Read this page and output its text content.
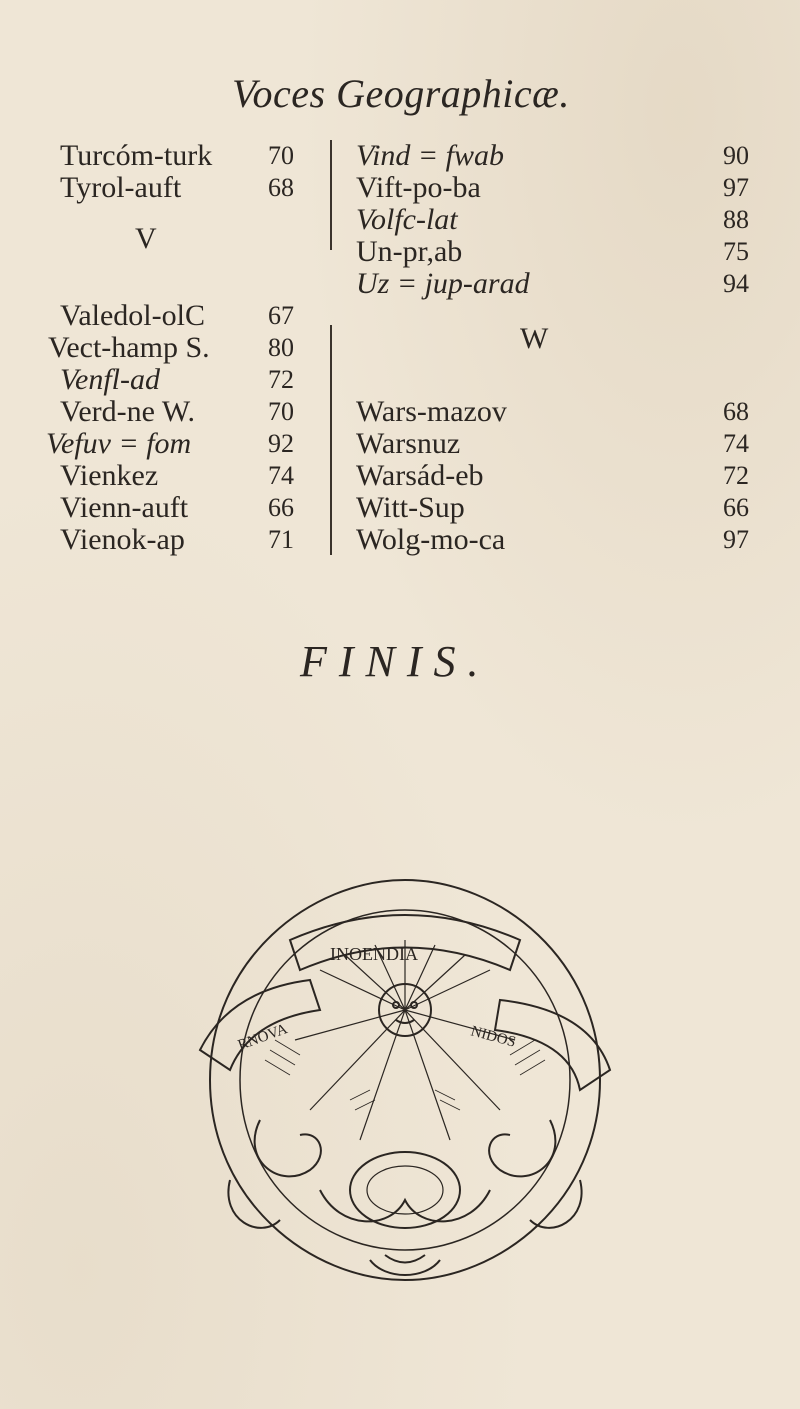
Voces Geographicæ.
Turcóm-turk 70
Tyrol-auft	68
V
Valedol-olC 67
Vect-hamp S. 80
Venfl-ad	72
Verd-ne W.	70
Vefuv = fom	92
Vienkez	74
Vienn-auft	66
Vienok-ap	71
Vind = fwab	90
Vift-po-ba	97
Volfc-lat	88
Un-pr,ab	75
Uz = jup-arad	94
W
Wars-mazov	68
Warsnuz	74
Warsád-eb	72
Witt-Sup	66
Wolg-mo-ca	97
FINIS.
INOENDIA
RNOVA	NIDOS
